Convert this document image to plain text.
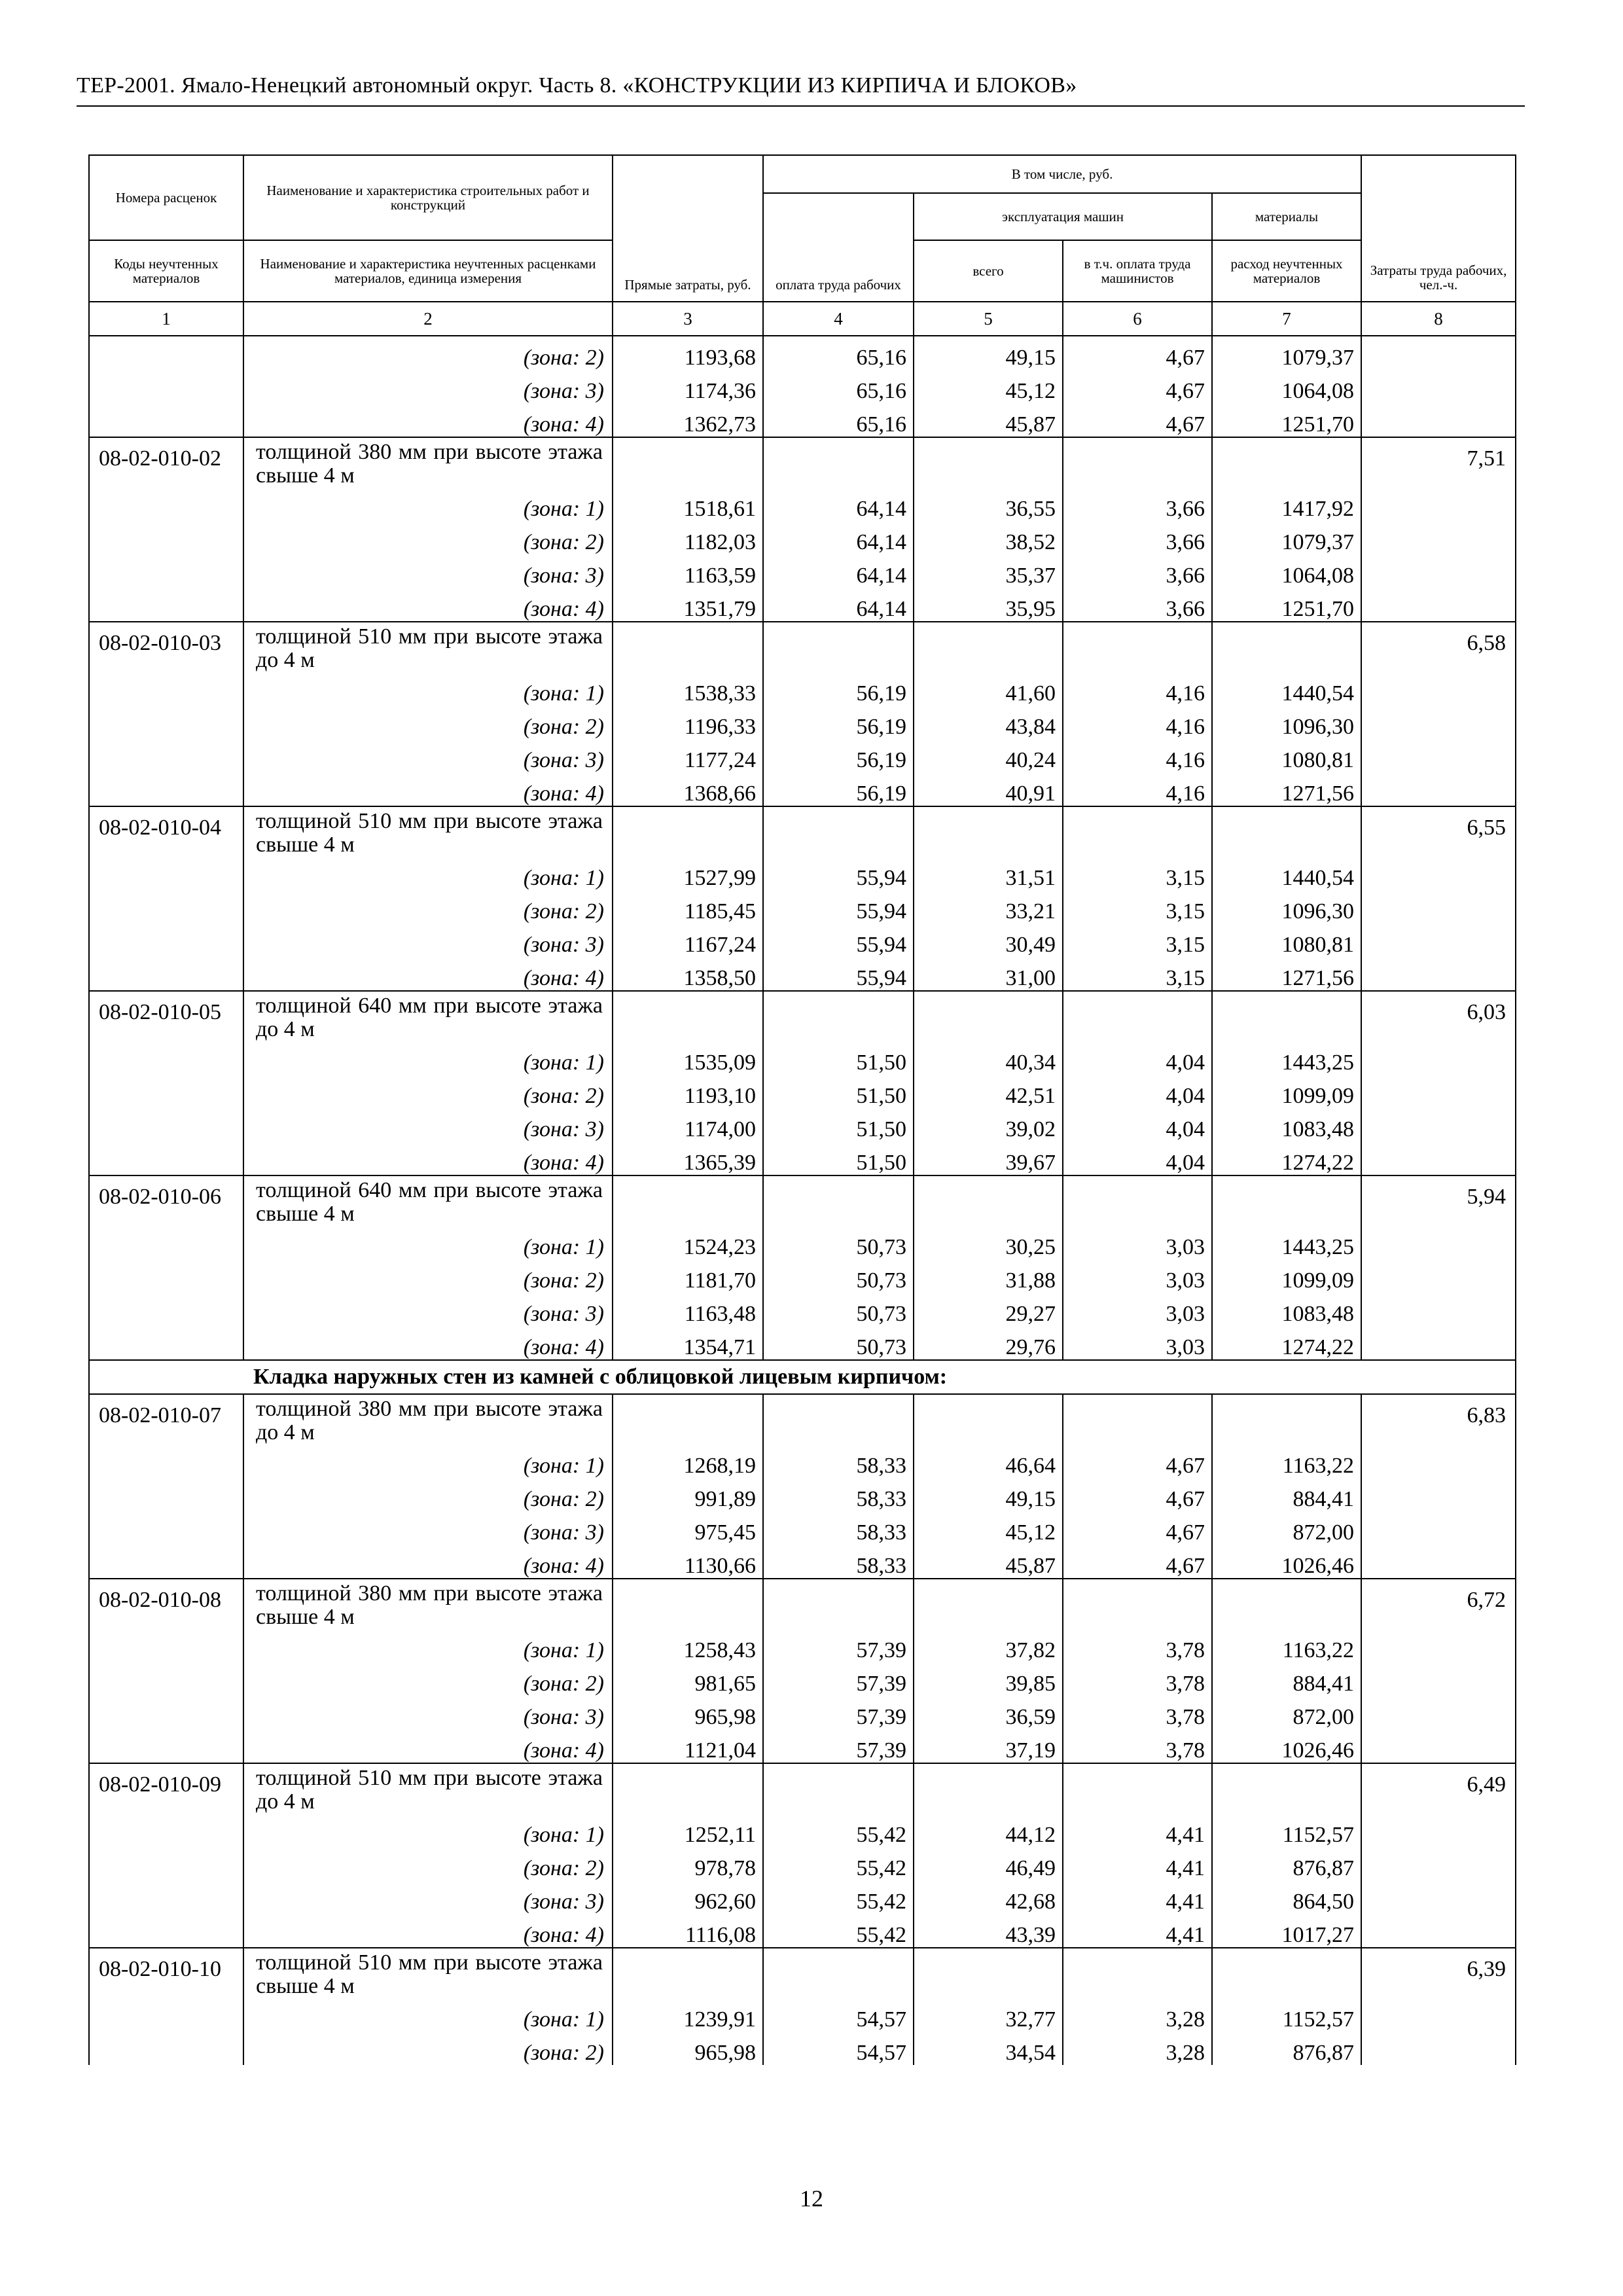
ТЕР-2001. Ямало-Ненецкий автономный округ. Часть 8. «КОНСТРУКЦИИ ИЗ КИРПИЧА И БЛОКОВ»
Номера расценок	Наименование и характеристика строительных работ и конструкций	Прямые затраты, руб.	В том числе, руб.				Затраты труда рабочих, чел.-ч.
			оплата труда рабочих	эксплуатация машин		материалы	
Коды неучтенных материалов	Наименование и характеристика неучтенных расценками материалов, единица измерения			всего	в т.ч. оплата труда машинистов	расход неучтенных материалов	
1	2	3	4	5	6	7	8
	(зона: 2)	1193,68	65,16	49,15	4,67	1079,37	
	(зона: 3)	1174,36	65,16	45,12	4,67	1064,08	
	(зона: 4)	1362,73	65,16	45,87	4,67	1251,70	
08-02-010-02	толщиной 380 мм при высоте этажа свыше 4 м						7,51
	(зона: 1)	1518,61	64,14	36,55	3,66	1417,92	
	(зона: 2)	1182,03	64,14	38,52	3,66	1079,37	
	(зона: 3)	1163,59	64,14	35,37	3,66	1064,08	
	(зона: 4)	1351,79	64,14	35,95	3,66	1251,70	
08-02-010-03	толщиной 510 мм при высоте этажа до 4 м						6,58
	(зона: 1)	1538,33	56,19	41,60	4,16	1440,54	
	(зона: 2)	1196,33	56,19	43,84	4,16	1096,30	
	(зона: 3)	1177,24	56,19	40,24	4,16	1080,81	
	(зона: 4)	1368,66	56,19	40,91	4,16	1271,56	
08-02-010-04	толщиной 510 мм при высоте этажа свыше 4 м						6,55
	(зона: 1)	1527,99	55,94	31,51	3,15	1440,54	
	(зона: 2)	1185,45	55,94	33,21	3,15	1096,30	
	(зона: 3)	1167,24	55,94	30,49	3,15	1080,81	
	(зона: 4)	1358,50	55,94	31,00	3,15	1271,56	
08-02-010-05	толщиной 640 мм при высоте этажа до 4 м						6,03
	(зона: 1)	1535,09	51,50	40,34	4,04	1443,25	
	(зона: 2)	1193,10	51,50	42,51	4,04	1099,09	
	(зона: 3)	1174,00	51,50	39,02	4,04	1083,48	
	(зона: 4)	1365,39	51,50	39,67	4,04	1274,22	
08-02-010-06	толщиной 640 мм при высоте этажа свыше 4 м						5,94
	(зона: 1)	1524,23	50,73	30,25	3,03	1443,25	
	(зона: 2)	1181,70	50,73	31,88	3,03	1099,09	
	(зона: 3)	1163,48	50,73	29,27	3,03	1083,48	
	(зона: 4)	1354,71	50,73	29,76	3,03	1274,22	
Кладка наружных стен из камней с облицовкой лицевым кирпичом:							
08-02-010-07	толщиной 380 мм при высоте этажа до 4 м						6,83
	(зона: 1)	1268,19	58,33	46,64	4,67	1163,22	
	(зона: 2)	991,89	58,33	49,15	4,67	884,41	
	(зона: 3)	975,45	58,33	45,12	4,67	872,00	
	(зона: 4)	1130,66	58,33	45,87	4,67	1026,46	
08-02-010-08	толщиной 380 мм при высоте этажа свыше 4 м						6,72
	(зона: 1)	1258,43	57,39	37,82	3,78	1163,22	
	(зона: 2)	981,65	57,39	39,85	3,78	884,41	
	(зона: 3)	965,98	57,39	36,59	3,78	872,00	
	(зона: 4)	1121,04	57,39	37,19	3,78	1026,46	
08-02-010-09	толщиной 510 мм при высоте этажа до 4 м						6,49
	(зона: 1)	1252,11	55,42	44,12	4,41	1152,57	
	(зона: 2)	978,78	55,42	46,49	4,41	876,87	
	(зона: 3)	962,60	55,42	42,68	4,41	864,50	
	(зона: 4)	1116,08	55,42	43,39	4,41	1017,27	
08-02-010-10	толщиной 510 мм при высоте этажа свыше 4 м						6,39
	(зона: 1)	1239,91	54,57	32,77	3,28	1152,57	
	(зона: 2)	965,98	54,57	34,54	3,28	876,87	
12
